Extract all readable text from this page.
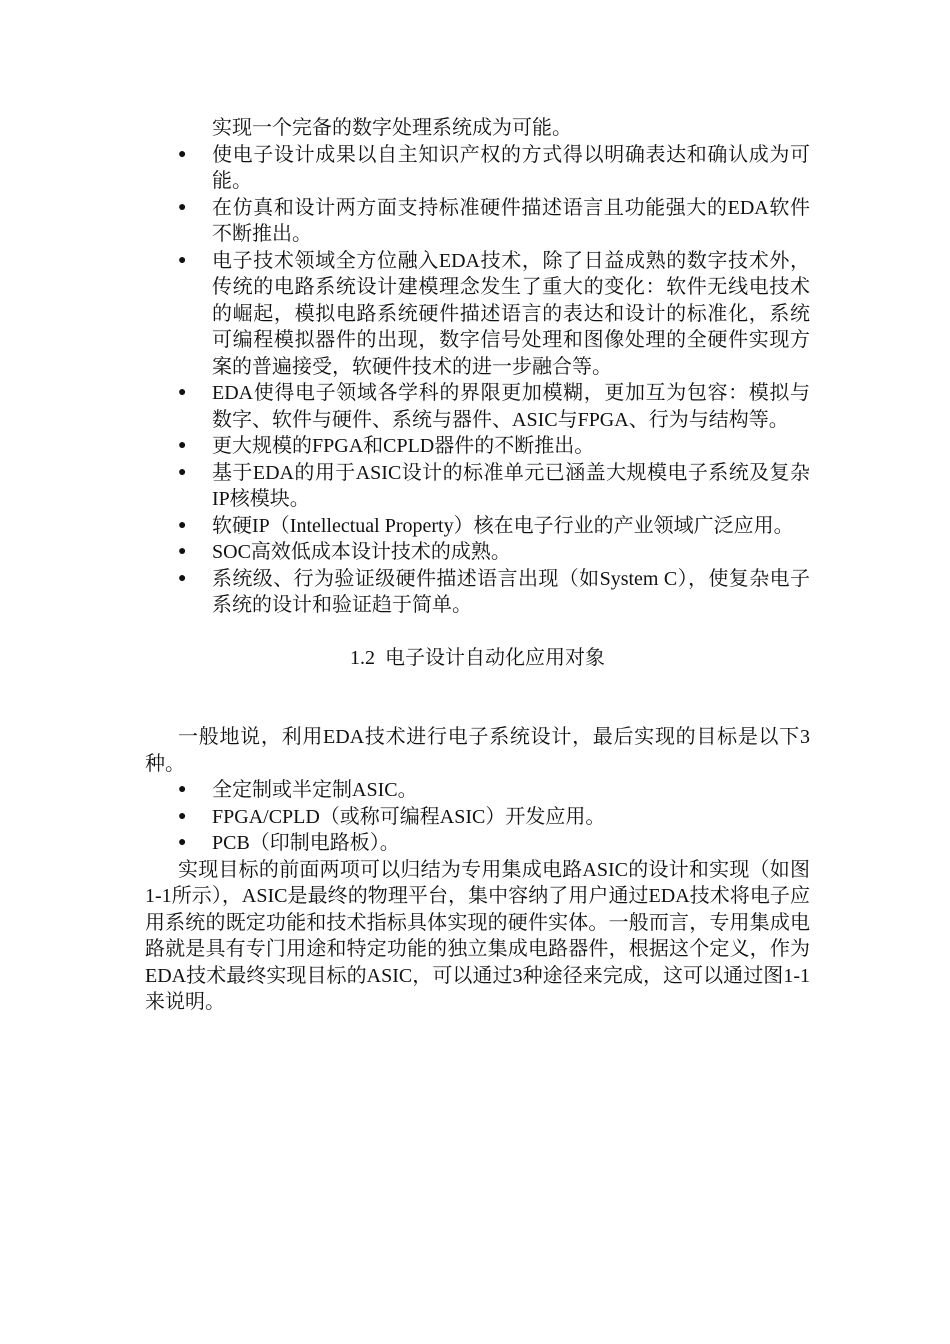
实现一个完备的数字处理系统成为可能。

● 使电子设计成果以自主知识产权的方式得以明确表达和确认成为可能。
● 在仿真和设计两方面支持标准硬件描述语言且功能强大的EDA软件不断推出。
● 电子技术领域全方位融入EDA技术，除了日益成熟的数字技术外，传统的电路系统设计建模理念发生了重大的变化：软件无线电技术的崛起，模拟电路系统硬件描述语言的表达和设计的标准化，系统可编程模拟器件的出现，数字信号处理和图像处理的全硬件实现方案的普遍接受，软硬件技术的进一步融合等。
● EDA使得电子领域各学科的界限更加模糊，更加互为包容：模拟与数字、软件与硬件、系统与器件、ASIC与FPGA、行为与结构等。
● 更大规模的FPGA和CPLD器件的不断推出。
● 基于EDA的用于ASIC设计的标准单元已涵盖大规模电子系统及复杂IP核模块。
● 软硬IP（Intellectual Property）核在电子行业的产业领域广泛应用。
● SOC高效低成本设计技术的成熟。
● 系统级、行为验证级硬件描述语言出现（如System C），使复杂电子系统的设计和验证趋于简单。
1.2  电子设计自动化应用对象

一般地说，利用EDA技术进行电子系统设计，最后实现的目标是以下3种。

● 全定制或半定制ASIC。
● FPGA/CPLD（或称可编程ASIC）开发应用。
● PCB（印制电路板）。

实现目标的前面两项可以归结为专用集成电路ASIC的设计和实现（如图1-1所示），ASIC是最终的物理平台，集中容纳了用户通过EDA技术将电子应用系统的既定功能和技术指标具体实现的硬件实体。一般而言，专用集成电路就是具有专门用途和特定功能的独立集成电路器件，根据这个定义，作为EDA技术最终实现目标的ASIC，可以通过3种途径来完成，这可以通过图1-1来说明。
